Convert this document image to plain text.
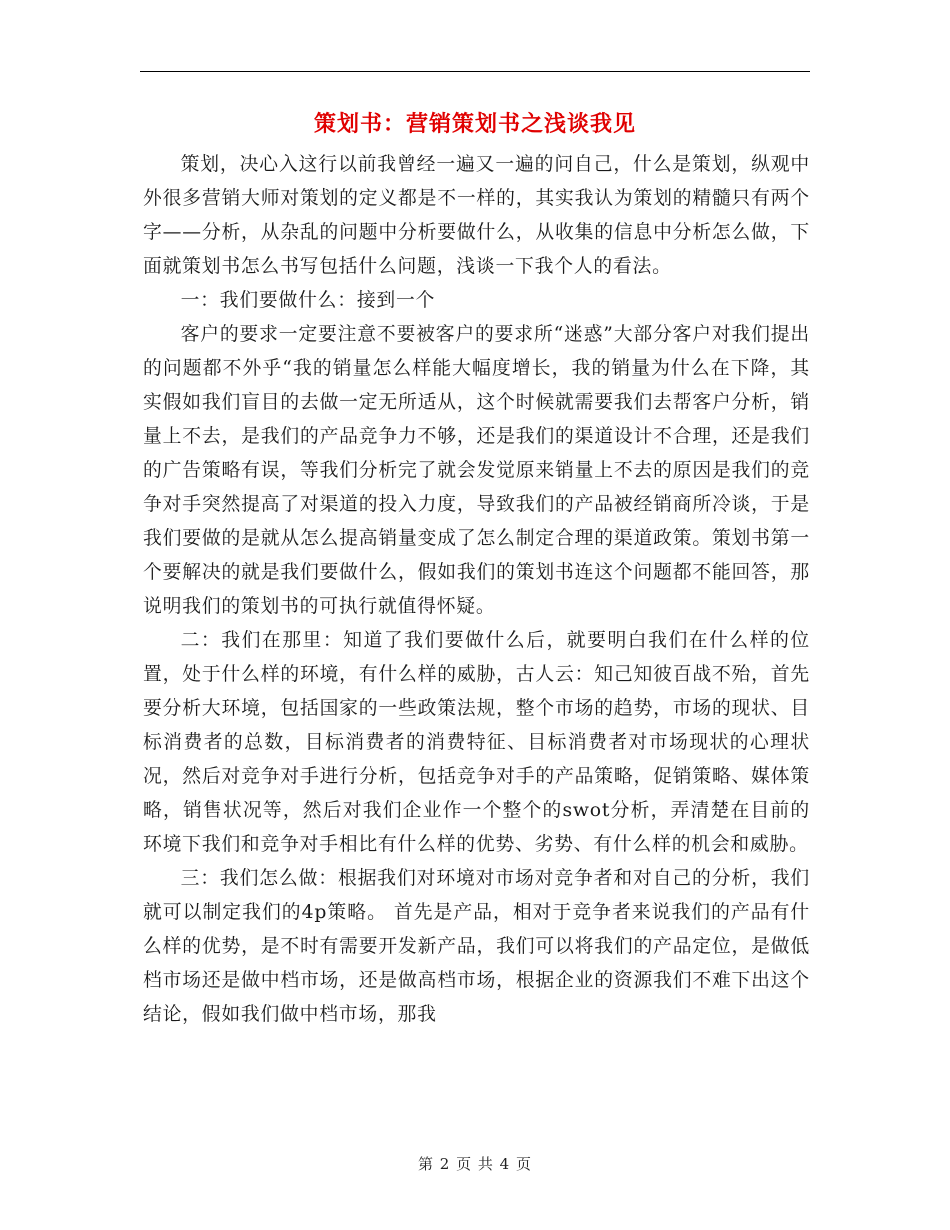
策划书：营销策划书之浅谈我见

策划，决心入这行以前我曾经一遍又一遍的问自己，什么是策划，纵观中外很多营销大师对策划的定义都是不一样的，其实我认为策划的精髓只有两个字——分析，从杂乱的问题中分析要做什么，从收集的信息中分析怎么做，下面就策划书怎么书写包括什么问题，浅谈一下我个人的看法。

一：我们要做什么：接到一个

客户的要求一定要注意不要被客户的要求所“迷惑”大部分客户对我们提出的问题都不外乎“我的销量怎么样能大幅度增长，我的销量为什么在下降，其实假如我们盲目的去做一定无所适从，这个时候就需要我们去帮客户分析，销量上不去，是我们的产品竞争力不够，还是我们的渠道设计不合理，还是我们的广告策略有误，等我们分析完了就会发觉原来销量上不去的原因是我们的竞争对手突然提高了对渠道的投入力度，导致我们的产品被经销商所冷谈，于是我们要做的是就从怎么提高销量变成了怎么制定合理的渠道政策。策划书第一个要解决的就是我们要做什么，假如我们的策划书连这个问题都不能回答，那说明我们的策划书的可执行就值得怀疑。

二：我们在那里：知道了我们要做什么后，就要明白我们在什么样的位置，处于什么样的环境，有什么样的威胁，古人云：知己知彼百战不殆，首先要分析大环境，包括国家的一些政策法规，整个市场的趋势，市场的现状、目标消费者的总数，目标消费者的消费特征、目标消费者对市场现状的心理状况，然后对竞争对手进行分析，包括竞争对手的产品策略，促销策略、媒体策略，销售状况等，然后对我们企业作一个整个的swot分析，弄清楚在目前的环境下我们和竞争对手相比有什么样的优势、劣势、有什么样的机会和威胁。

三：我们怎么做：根据我们对环境对市场对竞争者和对自己的分析，我们就可以制定我们的4p策略。 首先是产品，相对于竞争者来说我们的产品有什么样的优势，是不时有需要开发新产品，我们可以将我们的产品定位，是做低档市场还是做中档市场，还是做高档市场，根据企业的资源我们不难下出这个结论，假如我们做中档市场，那我

第 2 页 共 4 页
